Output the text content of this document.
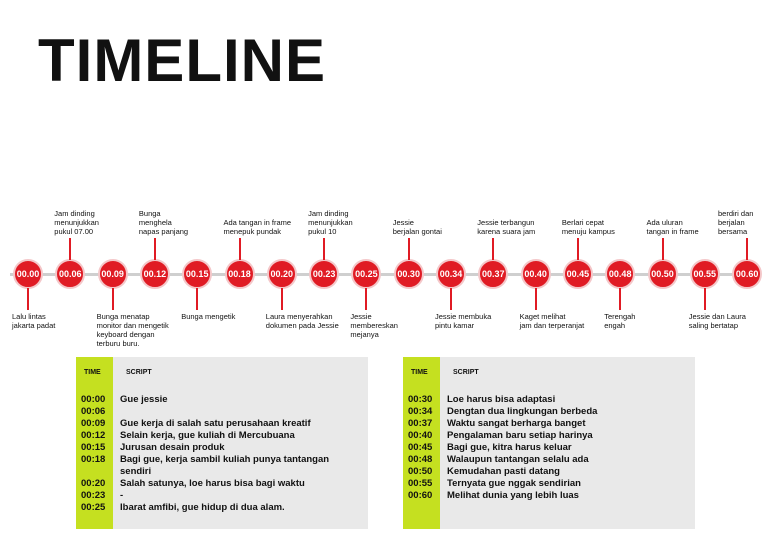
TIMELINE
00.00
Lalu lintas
jakarta padat
00.06
Jam dinding
menunjukkan
pukul 07.00
00.09
Bunga menatap
monitor dan mengetik
keyboard dengan
terburu buru.
00.12
Bunga
menghela
napas panjang
00.15
Bunga mengetik
00.18
Ada tangan in frame
menepuk pundak
00.20
Laura menyerahkan
dokumen pada Jessie
00.23
Jam dinding
menunjukkan
pukul 10
00.25
Jessie
membereskan
mejanya
00.30
Jessie
berjalan gontai
00.34
Jessie membuka
pintu kamar
00.37
Jessie terbangun
karena suara jam
00.40
Kaget melihat
jam dan terperanjat
00.45
Berlari cepat
menuju kampus
00.48
Terengah
engah
00.50
Ada uluran
tangan in frame
00.55
Jessie dan Laura
saling bertatap
00.60
berdiri dan
berjalan
bersama
TIME	SCRIPT
00:00	Gue jessie
00:06
00:09	Gue kerja di salah satu perusahaan kreatif
00:12	Selain kerja, gue kuliah di Mercubuana
00:15	Jurusan desain produk
00:18	Bagi gue, kerja sambil kuliah punya tantangan sendiri
00:20	Salah satunya, loe harus bisa bagi waktu
00:23	-
00:25	Ibarat amfibi, gue hidup di dua alam.
TIME	SCRIPT
00:30	Loe harus bisa adaptasi
00:34	Dengtan dua lingkungan berbeda
00:37	Waktu sangat berharga banget
00:40	Pengalaman baru setiap harinya
00:45	Bagi gue, kitra harus keluar
00:48	Walaupun tantangan selalu ada
00:50	Kemudahan pasti datang
00:55	Ternyata gue nggak sendirian
00:60	Melihat dunia yang lebih luas
